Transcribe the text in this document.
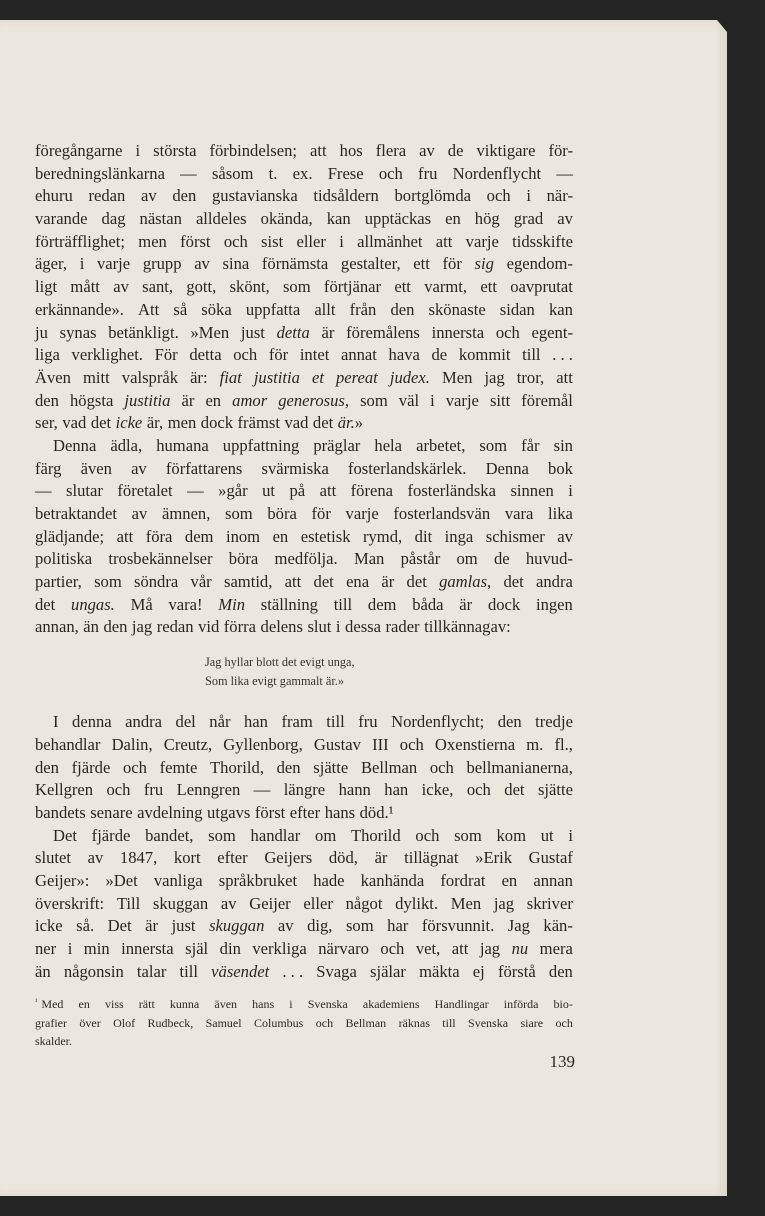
föregångarne i största förbindelsen; att hos flera av de viktigare för-
beredningslänkarna — såsom t. ex. Frese och fru Nordenflycht —
ehuru redan av den gustavianska tidsåldern bortglömda och i när-
varande dag nästan alldeles okända, kan upptäckas en hög grad av
förträfflighet; men först och sist eller i allmänhet att varje tidsskifte
äger, i varje grupp av sina förnämsta gestalter, ett för sig egendom-
ligt mått av sant, gott, skönt, som förtjänar ett varmt, ett oavprutat
erkännande». Att så söka uppfatta allt från den skönaste sidan kan
ju synas betänkligt. »Men just detta är föremålens innersta och egent-
liga verklighet. För detta och för intet annat hava de kommit till . . .
Även mitt valspråk är: fiat justitia et pereat judex. Men jag tror, att
den högsta justitia är en amor generosus, som väl i varje sitt föremål
ser, vad det icke är, men dock främst vad det är.»
Denna ädla, humana uppfattning präglar hela arbetet, som får sin
färg även av författarens svärmiska fosterlandskärlek. Denna bok
— slutar företalet — »går ut på att förena fosterländska sinnen i
betraktandet av ämnen, som böra för varje fosterlandsvän vara lika
glädjande; att föra dem inom en estetisk rymd, dit inga schismer av
politiska trosbekännelser böra medfölja. Man påstår om de huvud-
partier, som söndra vår samtid, att det ena är det gamlas, det andra
det ungas. Må vara! Min ställning till dem båda är dock ingen
annan, än den jag redan vid förra delens slut i dessa rader tillkännagav:
Jag hyllar blott det evigt unga,
Som lika evigt gammalt är.»
I denna andra del når han fram till fru Nordenflycht; den tredje
behandlar Dalin, Creutz, Gyllenborg, Gustav III och Oxenstierna m. fl.,
den fjärde och femte Thorild, den sjätte Bellman och bellmanianerna,
Kellgren och fru Lenngren — längre hann han icke, och det sjätte
bandets senare avdelning utgavs först efter hans död.¹
Det fjärde bandet, som handlar om Thorild och som kom ut i
slutet av 1847, kort efter Geijers död, är tillägnat »Erik Gustaf
Geijer»: »Det vanliga språkbruket hade kanhända fordrat en annan
överskrift: Till skuggan av Geijer eller något dylikt. Men jag skriver
icke så. Det är just skuggan av dig, som har försvunnit. Jag kän-
ner i min innersta själ din verkliga närvaro och vet, att jag nu mera
än någonsin talar till väsendet . . . Svaga själar mäkta ej förstå den
$^{^1}$ Med en viss rätt kunna även hans i Svenska akademiens Handlingar införda bio-
grafier över Olof Rudbeck, Samuel Columbus och Bellman räknas till Svenska siare och
skalder.
139
